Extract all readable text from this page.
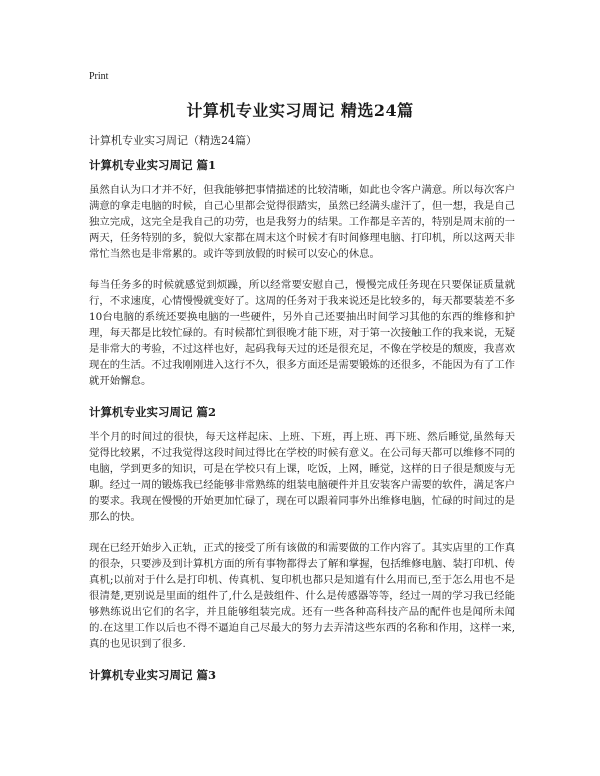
Print
计算机专业实习周记 精选24篇

计算机专业实习周记（精选24篇）

计算机专业实习周记 篇1

虽然自认为口才并不好，但我能够把事情描述的比较清晰，如此也令客户满意。所以每次客户满意的拿走电脑的时候，自己心里都会觉得很踏实，虽然已经满头虚汗了，但一想，我是自己独立完成，这完全是我自己的功劳，也是我努力的结果。工作都是辛苦的，特别是周末前的一两天，任务特别的多，貌似大家都在周末这个时候才有时间修理电脑、打印机，所以这两天非常忙当然也是非常累的。或许等到放假的时候可以安心的休息。

每当任务多的时候就感觉到烦躁，所以经常要安慰自己，慢慢完成任务现在只要保证质量就行，不求速度，心情慢慢就变好了。这周的任务对于我来说还是比较多的，每天都要装差不多10台电脑的系统还要换电脑的一些硬件，另外自己还要抽出时间学习其他的东西的维修和护理，每天都是比较忙碌的。有时候都忙到很晚才能下班，对于第一次接触工作的我来说，无疑是非常大的考验，不过这样也好，起码我每天过的还是很充足，不像在学校是的颓废，我喜欢现在的生活。不过我刚刚进入这行不久，很多方面还是需要锻炼的还很多，不能因为有了工作就开始懈怠。

计算机专业实习周记 篇2

半个月的时间过的很快，每天这样起床、上班、下班，再上班、再下班、然后睡觉,虽然每天觉得比较累，不过我觉得这段时间过得比在学校的时候有意义。在公司每天都可以维修不同的电脑，学到更多的知识，可是在学校只有上课，吃饭，上网，睡觉，这样的日子很是颓废与无聊。经过一周的锻炼我已经能够非常熟练的组装电脑硬件并且安装客户需要的软件，满足客户的要求。我现在慢慢的开始更加忙碌了，现在可以跟着同事外出维修电脑，忙碌的时间过的是那么的快。

现在已经开始步入正轨，正式的接受了所有该做的和需要做的工作内容了。其实店里的工作真的很杂，只要涉及到计算机方面的所有事物都得去了解和掌握，包括维修电脑、装打印机、传真机;以前对于什么是打印机、传真机、复印机也都只是知道有什么用而已,至于怎么用也不是很清楚,更别说是里面的组件了,什么是鼓组件、什么是传感器等等，经过一周的学习我已经能够熟练说出它们的名字，并且能够组装完成。还有一些各种高科技产品的配件也是闻所未闻的.在这里工作以后也不得不逼迫自己尽最大的努力去弄清这些东西的名称和作用，这样一来,真的也见识到了很多.

计算机专业实习周记 篇3
